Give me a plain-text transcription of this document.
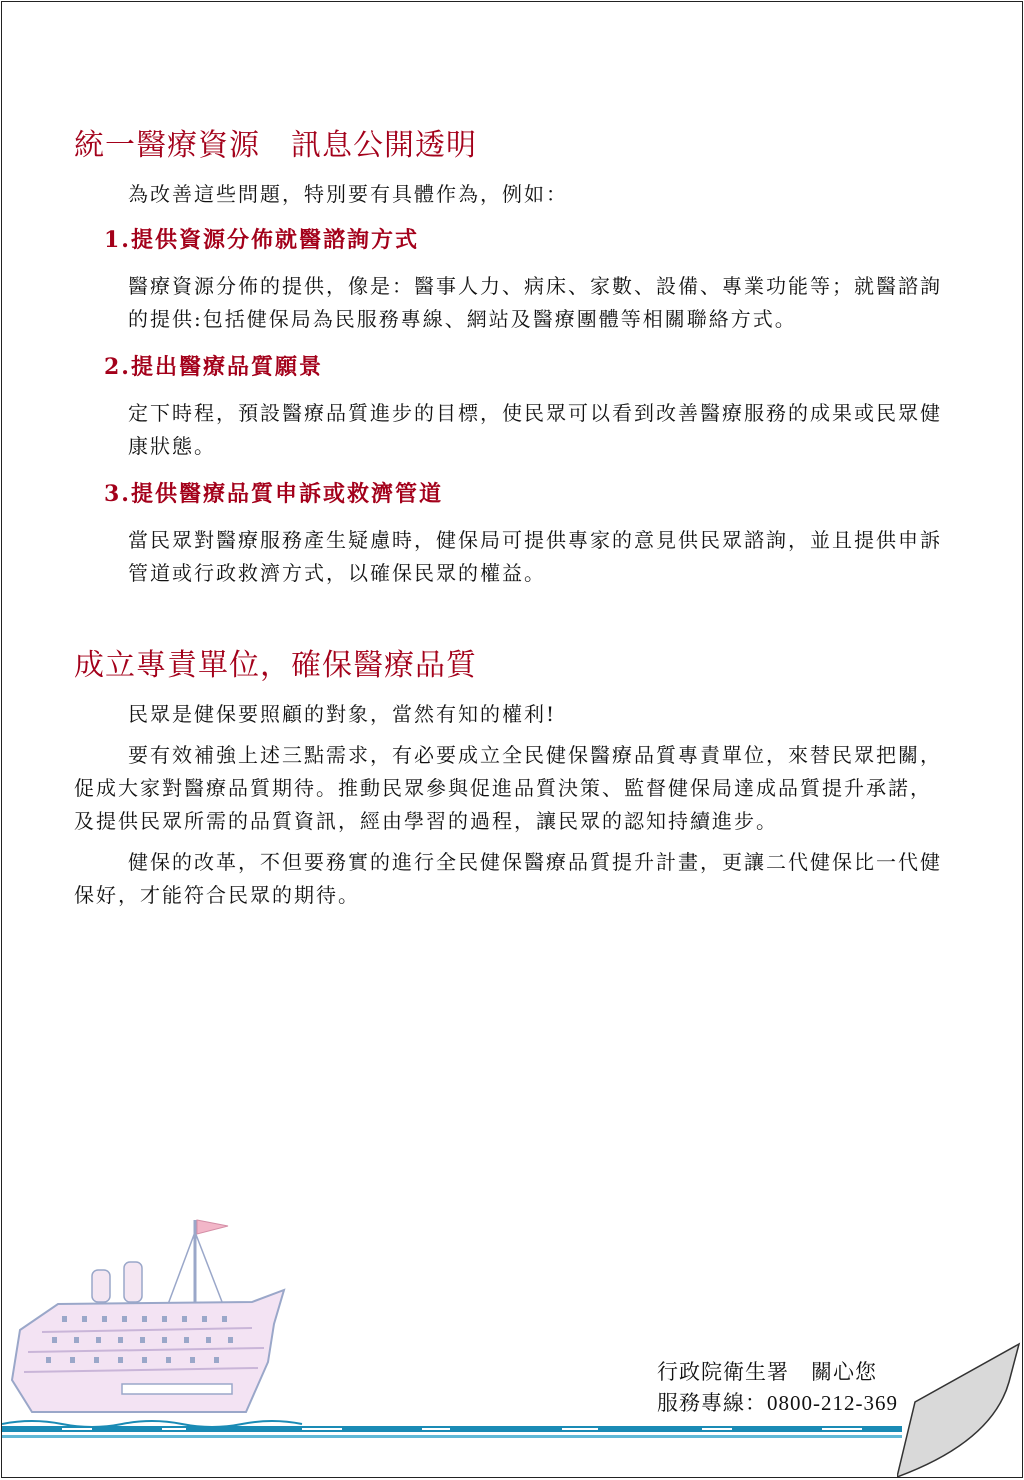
統一醫療資源　訊息公開透明

為改善這些問題，特別要有具體作為，例如：

1.提供資源分佈就醫諮詢方式

醫療資源分佈的提供，像是：醫事人力、病床、家數、設備、專業功能等；就醫諮詢的提供:包括健保局為民服務專線、網站及醫療團體等相關聯絡方式。

2.提出醫療品質願景

定下時程，預設醫療品質進步的目標，使民眾可以看到改善醫療服務的成果或民眾健康狀態。

3.提供醫療品質申訴或救濟管道

當民眾對醫療服務產生疑慮時，健保局可提供專家的意見供民眾諮詢，並且提供申訴管道或行政救濟方式，以確保民眾的權益。

成立專責單位，確保醫療品質

民眾是健保要照顧的對象，當然有知的權利!

要有效補強上述三點需求，有必要成立全民健保醫療品質專責單位，來替民眾把關，促成大家對醫療品質期待。推動民眾參與促進品質決策、監督健保局達成品質提升承諾，及提供民眾所需的品質資訊，經由學習的過程，讓民眾的認知持續進步。

健保的改革，不但要務實的進行全民健保醫療品質提升計畫，更讓二代健保比一代健保好，才能符合民眾的期待。

行政院衛生署　關心您
服務專線：0800-212-369
